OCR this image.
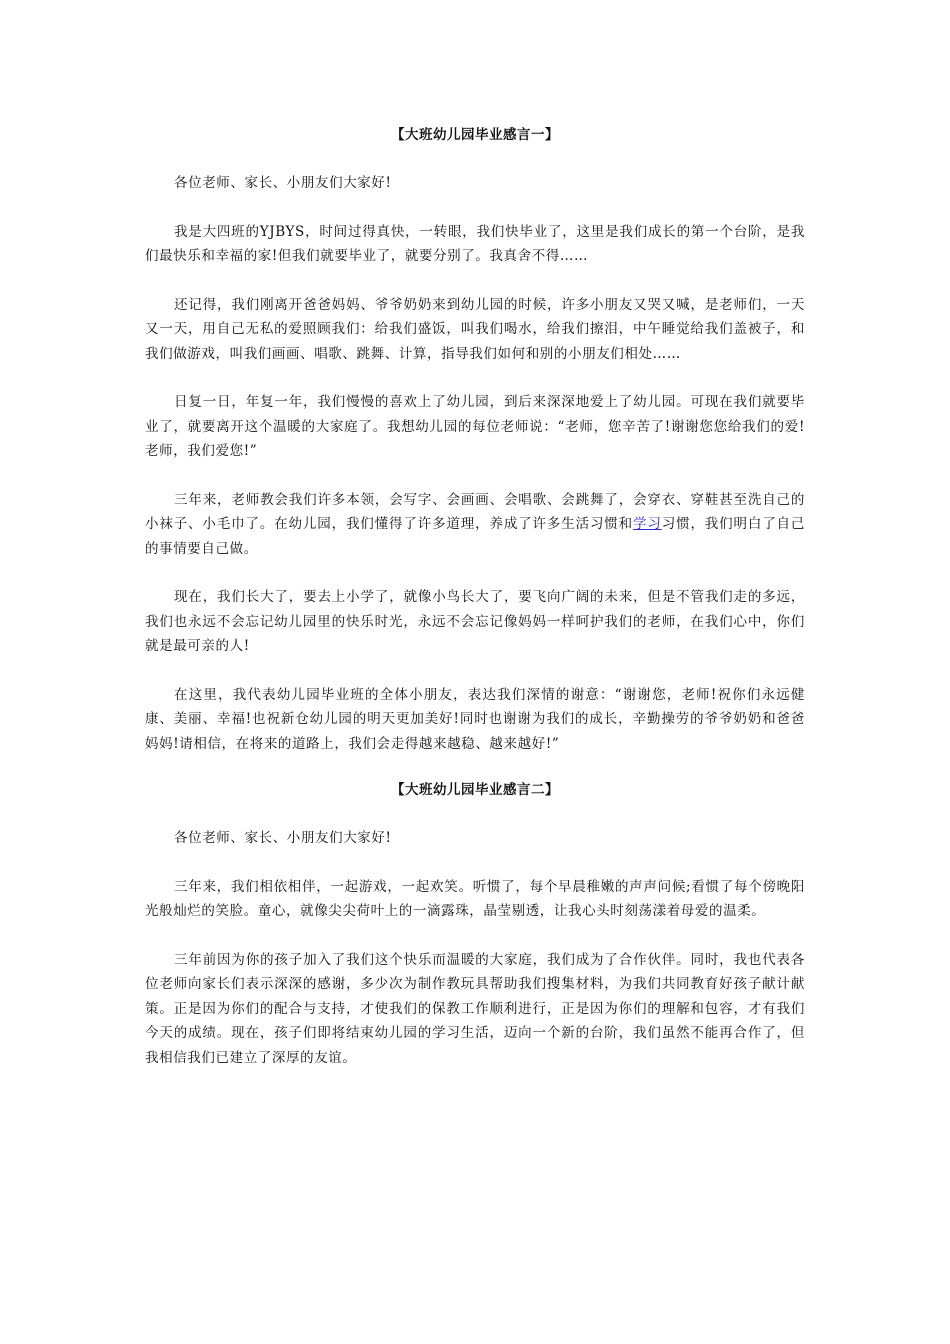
【大班幼儿园毕业感言一】

各位老师、家长、小朋友们大家好!

我是大四班的YJBYS，时间过得真快，一转眼，我们快毕业了，这里是我们成长的第一个台阶，是我们最快乐和幸福的家!但我们就要毕业了，就要分别了。我真舍不得……

还记得，我们刚离开爸爸妈妈、爷爷奶奶来到幼儿园的时候，许多小朋友又哭又喊，是老师们，一天又一天，用自己无私的爱照顾我们：给我们盛饭，叫我们喝水，给我们擦泪，中午睡觉给我们盖被子，和我们做游戏，叫我们画画、唱歌、跳舞、计算，指导我们如何和别的小朋友们相处……

日复一日，年复一年，我们慢慢的喜欢上了幼儿园，到后来深深地爱上了幼儿园。可现在我们就要毕业了，就要离开这个温暖的大家庭了。我想幼儿园的每位老师说：“老师，您辛苦了!谢谢您您给我们的爱!老师，我们爱您!”

三年来，老师教会我们许多本领，会写字、会画画、会唱歌、会跳舞了，会穿衣、穿鞋甚至洗自己的小袜子、小毛巾了。在幼儿园，我们懂得了许多道理，养成了许多生活习惯和学习习惯，我们明白了自己的事情要自己做。

现在，我们长大了，要去上小学了，就像小鸟长大了，要飞向广阔的未来，但是不管我们走的多远，我们也永远不会忘记幼儿园里的快乐时光，永远不会忘记像妈妈一样呵护我们的老师，在我们心中，你们就是最可亲的人!

在这里，我代表幼儿园毕业班的全体小朋友，表达我们深情的谢意：“谢谢您，老师!祝你们永远健康、美丽、幸福!也祝新仓幼儿园的明天更加美好!同时也谢谢为我们的成长，辛勤操劳的爷爷奶奶和爸爸妈妈!请相信，在将来的道路上，我们会走得越来越稳、越来越好!”

【大班幼儿园毕业感言二】

各位老师、家长、小朋友们大家好!

三年来，我们相依相伴，一起游戏，一起欢笑。听惯了，每个早晨稚嫩的声声问候;看惯了每个傍晚阳光般灿烂的笑脸。童心，就像尖尖荷叶上的一滴露珠，晶莹剔透，让我心头时刻荡漾着母爱的温柔。

三年前因为你的孩子加入了我们这个快乐而温暖的大家庭，我们成为了合作伙伴。同时，我也代表各位老师向家长们表示深深的感谢，多少次为制作教玩具帮助我们搜集材料，为我们共同教育好孩子献计献策。正是因为你们的配合与支持，才使我们的保教工作顺利进行，正是因为你们的理解和包容，才有我们今天的成绩。现在，孩子们即将结束幼儿园的学习生活，迈向一个新的台阶，我们虽然不能再合作了，但我相信我们已建立了深厚的友谊。
